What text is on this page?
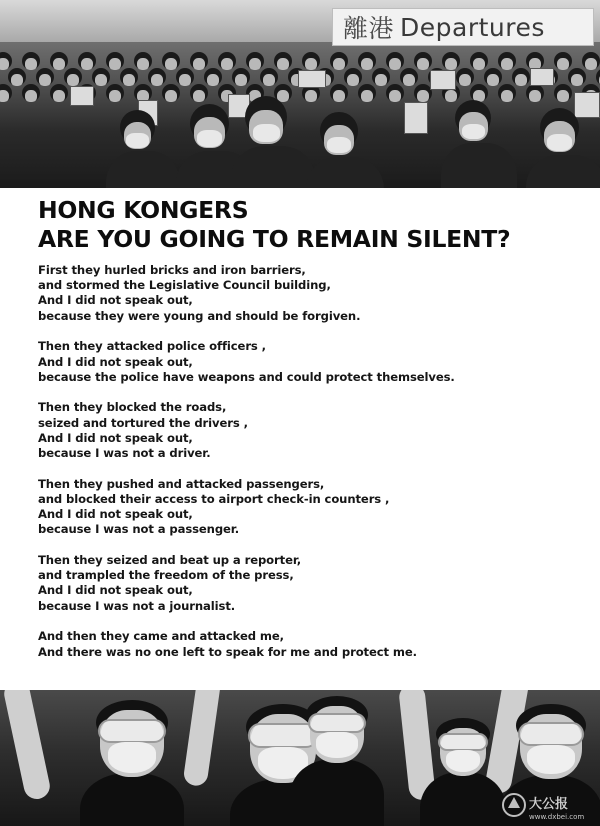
離港 Departures
HONG KONGERS
ARE YOU GOING TO REMAIN SILENT?

First they hurled bricks and iron barriers,
and stormed the Legislative Council building,
And I did not speak out,
because they were young and should be forgiven.

Then they attacked police officers ,
And I did not speak out,
because the police have weapons and could protect themselves.

Then they blocked the roads,
seized and tortured the drivers ,
And I did not speak out,
because I was not a driver.

Then they pushed and attacked passengers,
and blocked their access to airport check-in counters ,
And I did not speak out,
because I was not a passenger.

Then they seized and beat up a reporter,
and trampled the freedom of the press,
And I did not speak out,
because I was not a journalist.

And then they came and attacked me,
And there was no one left to speak for me and protect me.

大公报
www.dxbei.com
